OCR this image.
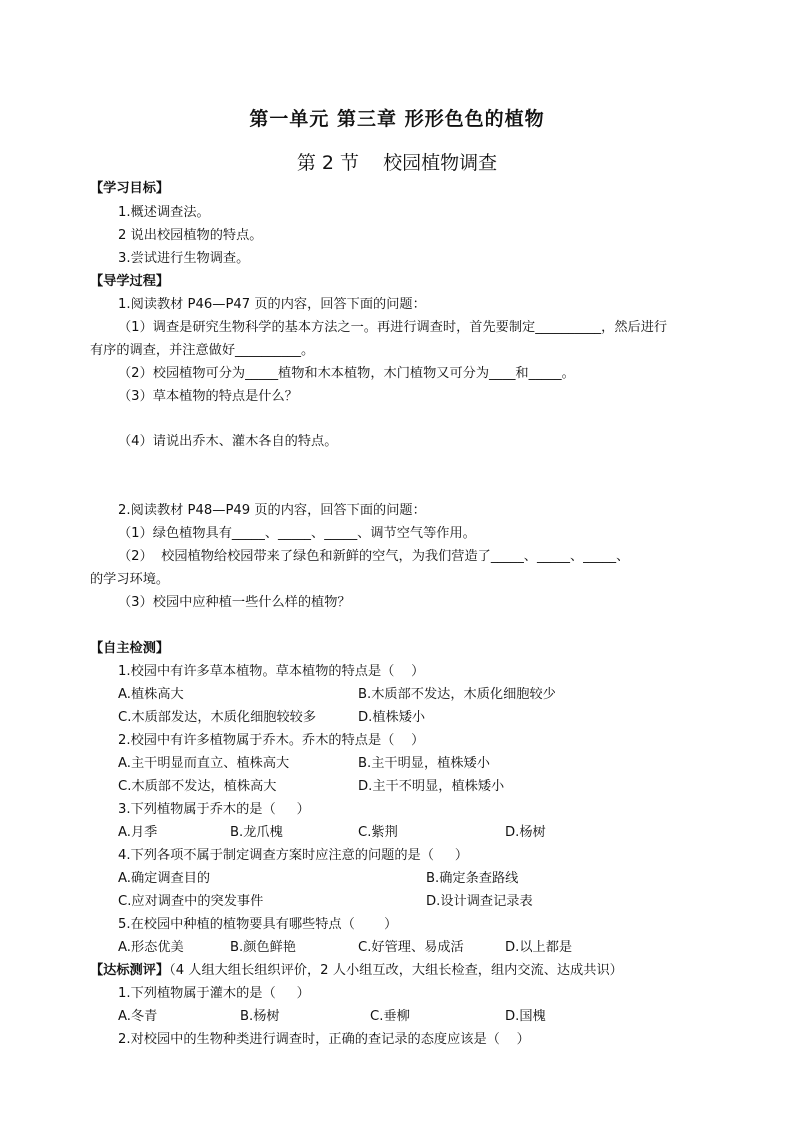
第一单元 第三章 形形色色的植物
第 2 节    校园植物调查
【学习目标】
1.概述调查法。
2 说出校园植物的特点。
3.尝试进行生物调查。
【导学过程】
1.阅读教材 P46—P47 页的内容，回答下面的问题：
（1）调查是研究生物科学的基本方法之一。再进行调查时，首先要制定__________，然后进行
有序的调查，并注意做好__________。
（2）校园植物可分为_____植物和木本植物，木门植物又可分为____和_____。
（3）草本植物的特点是什么？
（4）请说出乔木、灌木各自的特点。
2.阅读教材 P48—P49 页的内容，回答下面的问题：
（1）绿色植物具有_____、_____、_____、调节空气等作用。
（2）  校园植物给校园带来了绿色和新鲜的空气，为我们营造了_____、_____、_____、
的学习环境。
（3）校园中应种植一些什么样的植物？
【自主检测】
1.校园中有许多草本植物。草本植物的特点是（    ）
A.植株高大	B.木质部不发达，木质化细胞较少
C.木质部发达，木质化细胞较较多	D.植株矮小
2.校园中有许多植物属于乔木。乔木的特点是（    ）
A.主干明显而直立、植株高大	B.主干明显，植株矮小
C.木质部不发达，植株高大	D.主干不明显，植株矮小
3.下列植物属于乔木的是（     ）
A.月季	B.龙爪槐	C.紫荆	D.杨树
4.下列各项不属于制定调查方案时应注意的问题的是（     ）
A.确定调查目的	B.确定条查路线
C.应对调查中的突发事件	D.设计调查记录表
5.在校园中种植的植物要具有哪些特点（       ）
A.形态优美	B.颜色鲜艳	C.好管理、易成活	D.以上都是
【达标测评】（4 人组大组长组织评价，2 人小组互改，大组长检查，组内交流、达成共识）
1.下列植物属于灌木的是（     ）
A.冬青	B.杨树	C.垂柳	D.国槐
2.对校园中的生物种类进行调查时，正确的查记录的态度应该是（    ）
